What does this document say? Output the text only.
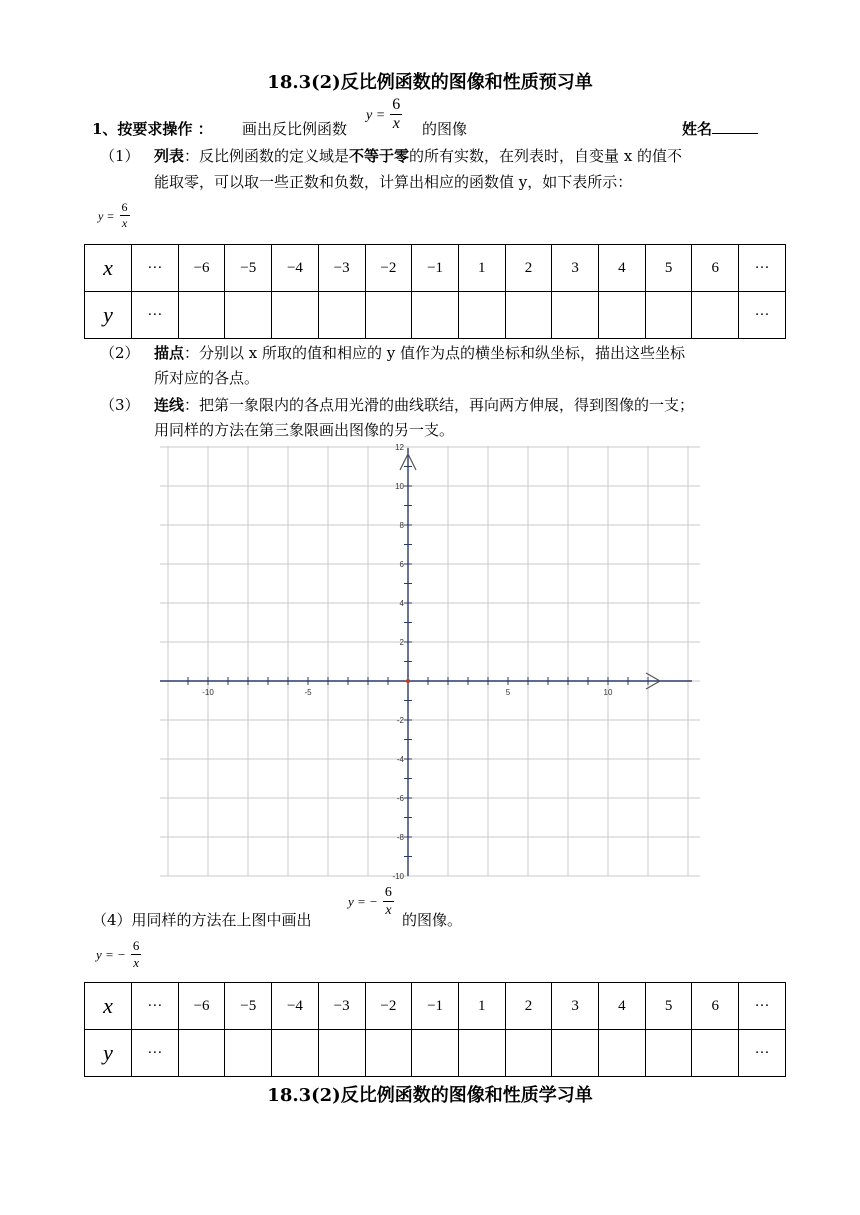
18.3(2)反比例函数的图像和性质预习单
1、按要求操作 ： 画出反比例函数
$y = \frac{6}{x}$ 的图像	姓名
（1） 列表：反比例函数的定义域是不等于零的所有实数，在列表时，自变量 x 的值不
能取零，可以取一些正数和负数，计算出相应的函数值 y，如下表所示：
$y = \frac{6}{x}$
x	···	−6	−5	−4	−3	−2	−1	1	2	3	4	5	6	···
y	···													···
（2） 描点：分别以 x 所取的值和相应的 y 值作为点的横坐标和纵坐标，描出这些坐标
所对应的各点。
（3） 连线：把第一象限内的各点用光滑的曲线联结，再向两方伸展，得到图像的一支；
用同样的方法在第三象限画出图像的另一支。
-10	-5	5	10
12
10
8
6
4
2
-2
-4
-6
-8
-10
（4）用同样的方法在上图中画出
y = − $\frac{6}{x}$
的图像。
y = − $\frac{6}{x}$
x	···	−6	−5	−4	−3	−2	−1	1	2	3	4	5	6	···
y	···													···
18.3(2)反比例函数的图像和性质学习单
